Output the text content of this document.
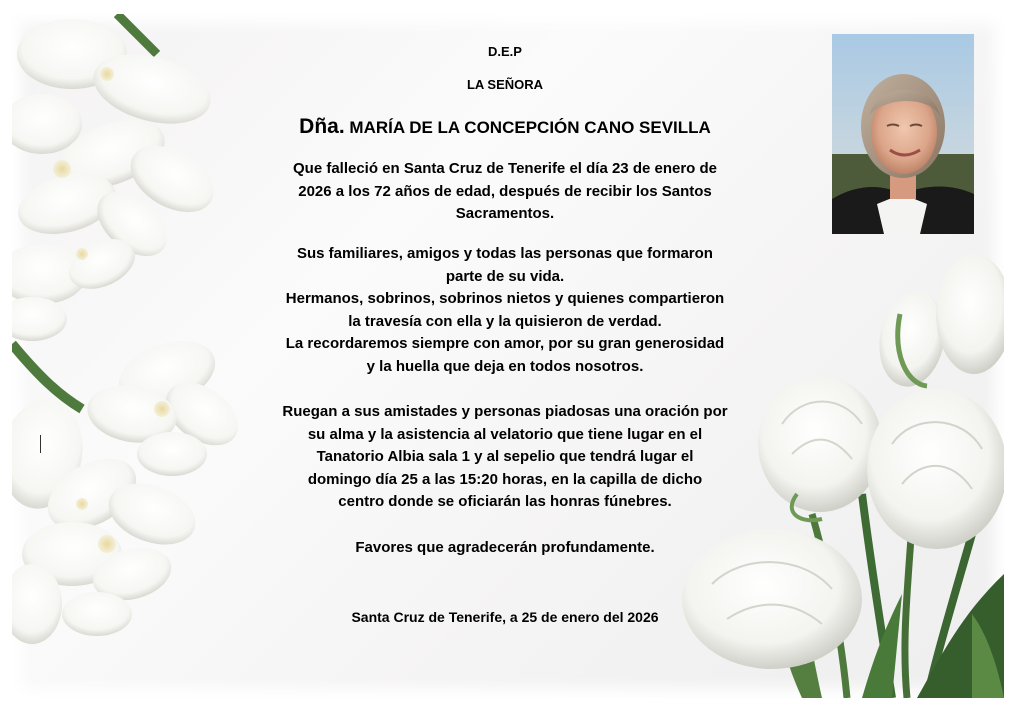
D.E.P
LA SEÑORA
Dña. MARÍA DE LA CONCEPCIÓN CANO SEVILLA
Que falleció en Santa Cruz de Tenerife el día 23 de enero de
2026 a los 72 años de edad, después de recibir los Santos
Sacramentos.
Sus familiares, amigos y todas las personas que formaron
parte de su vida.
Hermanos, sobrinos, sobrinos nietos y quienes compartieron
la travesía con ella y la quisieron de verdad.
La recordaremos siempre con amor, por su gran generosidad
y la huella que deja en todos nosotros.
Ruegan a sus amistades y personas piadosas una oración por
su alma y la asistencia al velatorio que tiene lugar en el
Tanatorio Albia sala 1 y al sepelio que tendrá lugar el
domingo día 25 a las 15:20 horas, en la capilla de dicho
centro donde se oficiarán las honras fúnebres.
Favores que agradecerán profundamente.
Santa Cruz de Tenerife, a 25 de enero del 2026
